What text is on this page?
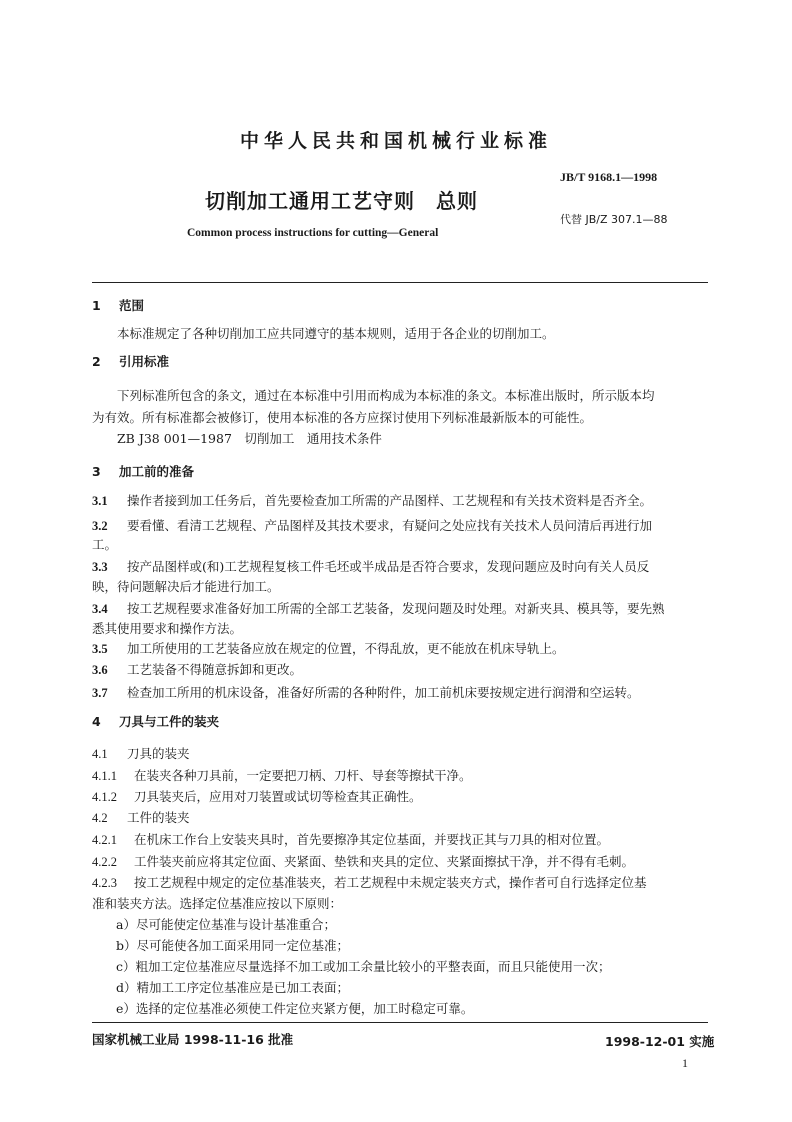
中华人民共和国机械行业标准
JB/T 9168.1—1998
切削加工通用工艺守则　总则
代替 JB/Z 307.1—88
Common process instructions for cutting—General
1 范围
本标准规定了各种切削加工应共同遵守的基本规则，适用于各企业的切削加工。
2 引用标准
下列标准所包含的条文，通过在本标准中引用而构成为本标准的条文。本标准出版时，所示版本均
为有效。所有标准都会被修订，使用本标准的各方应探讨使用下列标准最新版本的可能性。
ZB J38 001—1987　切削加工　通用技术条件
3 加工前的准备
3.1 操作者接到加工任务后，首先要检查加工所需的产品图样、工艺规程和有关技术资料是否齐全。
3.2 要看懂、看清工艺规程、产品图样及其技术要求，有疑问之处应找有关技术人员问清后再进行加
工。
3.3 按产品图样或(和)工艺规程复核工件毛坯或半成品是否符合要求，发现问题应及时向有关人员反
映，待问题解决后才能进行加工。
3.4 按工艺规程要求准备好加工所需的全部工艺装备，发现问题及时处理。对新夹具、模具等，要先熟
悉其使用要求和操作方法。
3.5 加工所使用的工艺装备应放在规定的位置，不得乱放，更不能放在机床导轨上。
3.6 工艺装备不得随意拆卸和更改。
3.7 检查加工所用的机床设备，准备好所需的各种附件，加工前机床要按规定进行润滑和空运转。
4 刀具与工件的装夹
4.1 刀具的装夹
4.1.1 在装夹各种刀具前，一定要把刀柄、刀杆、导套等擦拭干净。
4.1.2 刀具装夹后，应用对刀装置或试切等检查其正确性。
4.2 工件的装夹
4.2.1 在机床工作台上安装夹具时，首先要擦净其定位基面，并要找正其与刀具的相对位置。
4.2.2 工件装夹前应将其定位面、夹紧面、垫铁和夹具的定位、夹紧面擦拭干净，并不得有毛刺。
4.2.3 按工艺规程中规定的定位基准装夹，若工艺规程中未规定装夹方式，操作者可自行选择定位基
准和装夹方法。选择定位基准应按以下原则：
a）尽可能使定位基准与设计基准重合；
b）尽可能使各加工面采用同一定位基准；
c）粗加工定位基准应尽量选择不加工或加工余量比较小的平整表面，而且只能使用一次；
d）精加工工序定位基准应是已加工表面；
e）选择的定位基准必须使工件定位夹紧方便，加工时稳定可靠。
国家机械工业局 1998-11-16 批准	1998-12-01 实施
1
